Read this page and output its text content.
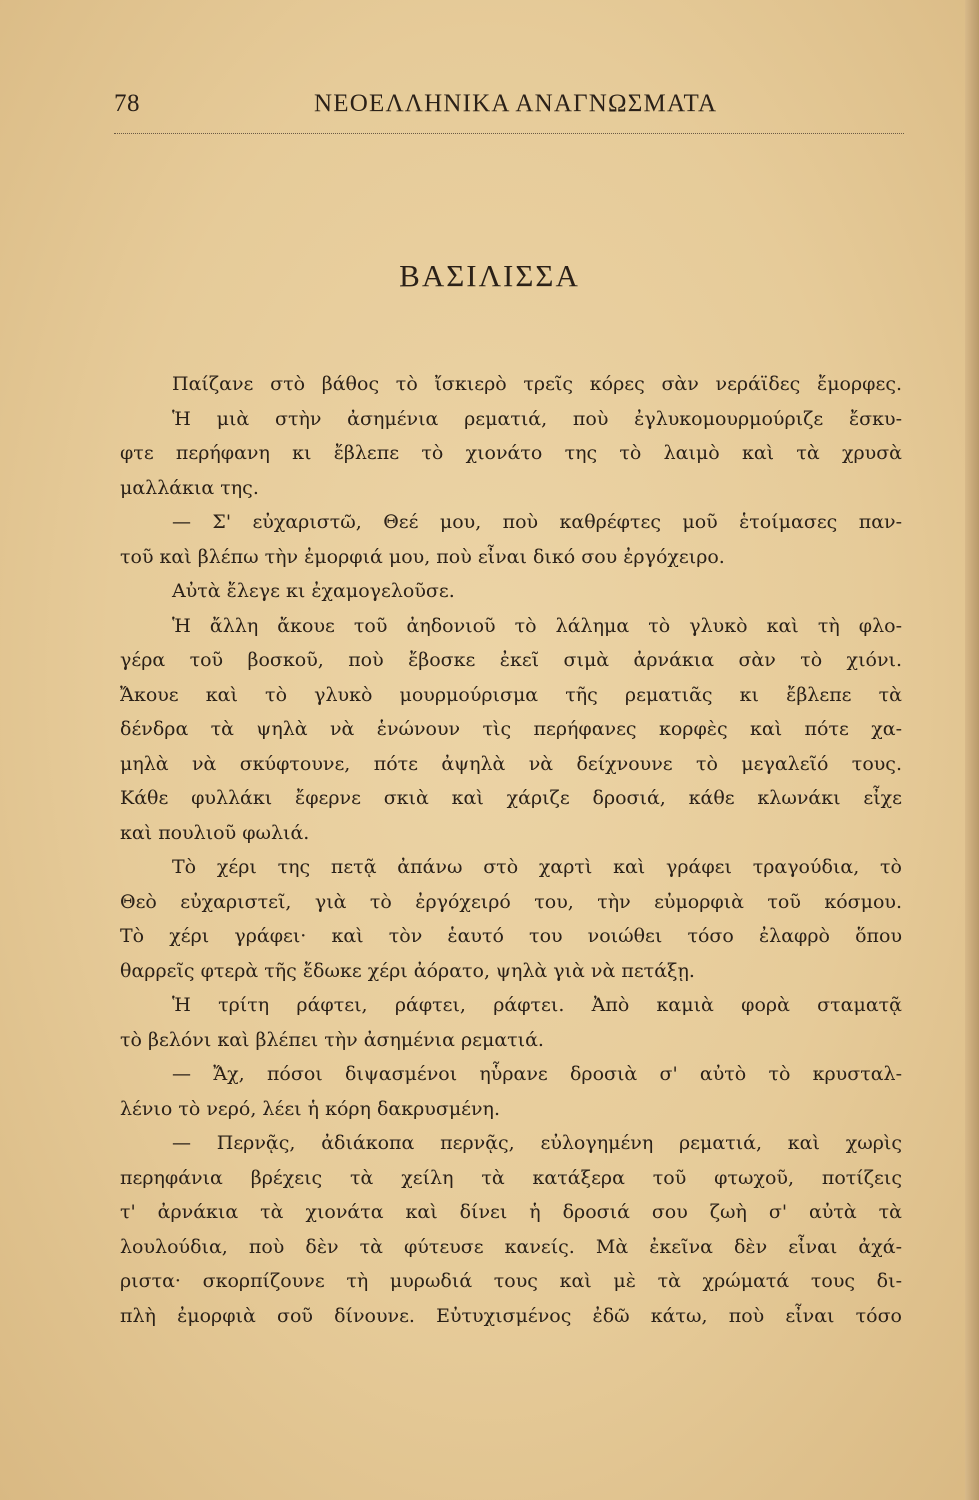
78	ΝΕΟΕΛΛΗΝΙΚΑ ΑΝΑΓΝΩΣΜΑΤΑ
ΒΑΣΙΛΙΣΣΑ
Παίζανε στὸ βάθος τὸ ἴσκιερὸ τρεῖς κόρες σὰν νεράϊδες ἔμορφες.
Ἡ μιὰ στὴν ἀσημένια ρεματιά, ποὺ ἐγλυκομουρμούριζε ἔσκυ-
φτε περήφανη κι ἔβλεπε τὸ χιονάτο της τὸ λαιμὸ καὶ τὰ χρυσὰ
μαλλάκια της.
— Σ' εὐχαριστῶ, Θεέ μου, ποὺ καθρέφτες μοῦ ἑτοίμασες παν-
τοῦ καὶ βλέπω τὴν ἐμορφιά μου, ποὺ εἶναι δικό σου ἐργόχειρο.
Αὐτὰ ἔλεγε κι ἐχαμογελοῦσε.
Ἡ ἄλλη ἄκουε τοῦ ἀηδονιοῦ τὸ λάλημα τὸ γλυκὸ καὶ τὴ φλο-
γέρα τοῦ βοσκοῦ, ποὺ ἔβοσκε ἐκεῖ σιμὰ ἀρνάκια σὰν τὸ χιόνι.
Ἄκουε καὶ τὸ γλυκὸ μουρμούρισμα τῆς ρεματιᾶς κι ἔβλεπε τὰ
δένδρα τὰ ψηλὰ νὰ ἑνώνουν τὶς περήφανες κορφὲς καὶ πότε χα-
μηλὰ νὰ σκύφτουνε, πότε ἀψηλὰ νὰ δείχνουνε τὸ μεγαλεῖό τους.
Κάθε φυλλάκι ἔφερνε σκιὰ καὶ χάριζε δροσιά, κάθε κλωνάκι εἶχε
καὶ πουλιοῦ φωλιά.
Τὸ χέρι της πετᾷ ἀπάνω στὸ χαρτὶ καὶ γράφει τραγούδια, τὸ
Θεὸ εὐχαριστεῖ, γιὰ τὸ ἐργόχειρό του, τὴν εὐμορφιὰ τοῦ κόσμου.
Τὸ χέρι γράφει· καὶ τὸν ἑαυτό του νοιώθει τόσο ἐλαφρὸ ὅπου
θαρρεῖς φτερὰ τῆς ἔδωκε χέρι ἀόρατο, ψηλὰ γιὰ νὰ πετάξῃ.
Ἡ τρίτη ράφτει, ράφτει, ράφτει. Ἀπὸ καμιὰ φορὰ σταματᾷ
τὸ βελόνι καὶ βλέπει τὴν ἀσημένια ρεματιά.
— Ἄχ, πόσοι διψασμένοι ηὗρανε δροσιὰ σ' αὐτὸ τὸ κρυσταλ-
λένιο τὸ νερό, λέει ἡ κόρη δακρυσμένη.
— Περνᾷς, ἀδιάκοπα περνᾷς, εὐλογημένη ρεματιά, καὶ χωρὶς
περηφάνια βρέχεις τὰ χείλη τὰ κατάξερα τοῦ φτωχοῦ, ποτίζεις
τ' ἀρνάκια τὰ χιονάτα καὶ δίνει ἡ δροσιά σου ζωὴ σ' αὐτὰ τὰ
λουλούδια, ποὺ δὲν τὰ φύτευσε κανείς. Μὰ ἐκεῖνα δὲν εἶναι ἀχά-
ριστα· σκορπίζουνε τὴ μυρωδιά τους καὶ μὲ τὰ χρώματά τους δι-
πλὴ ἐμορφιὰ σοῦ δίνουνε. Εὐτυχισμένος ἐδῶ κάτω, ποὺ εἶναι τόσο
